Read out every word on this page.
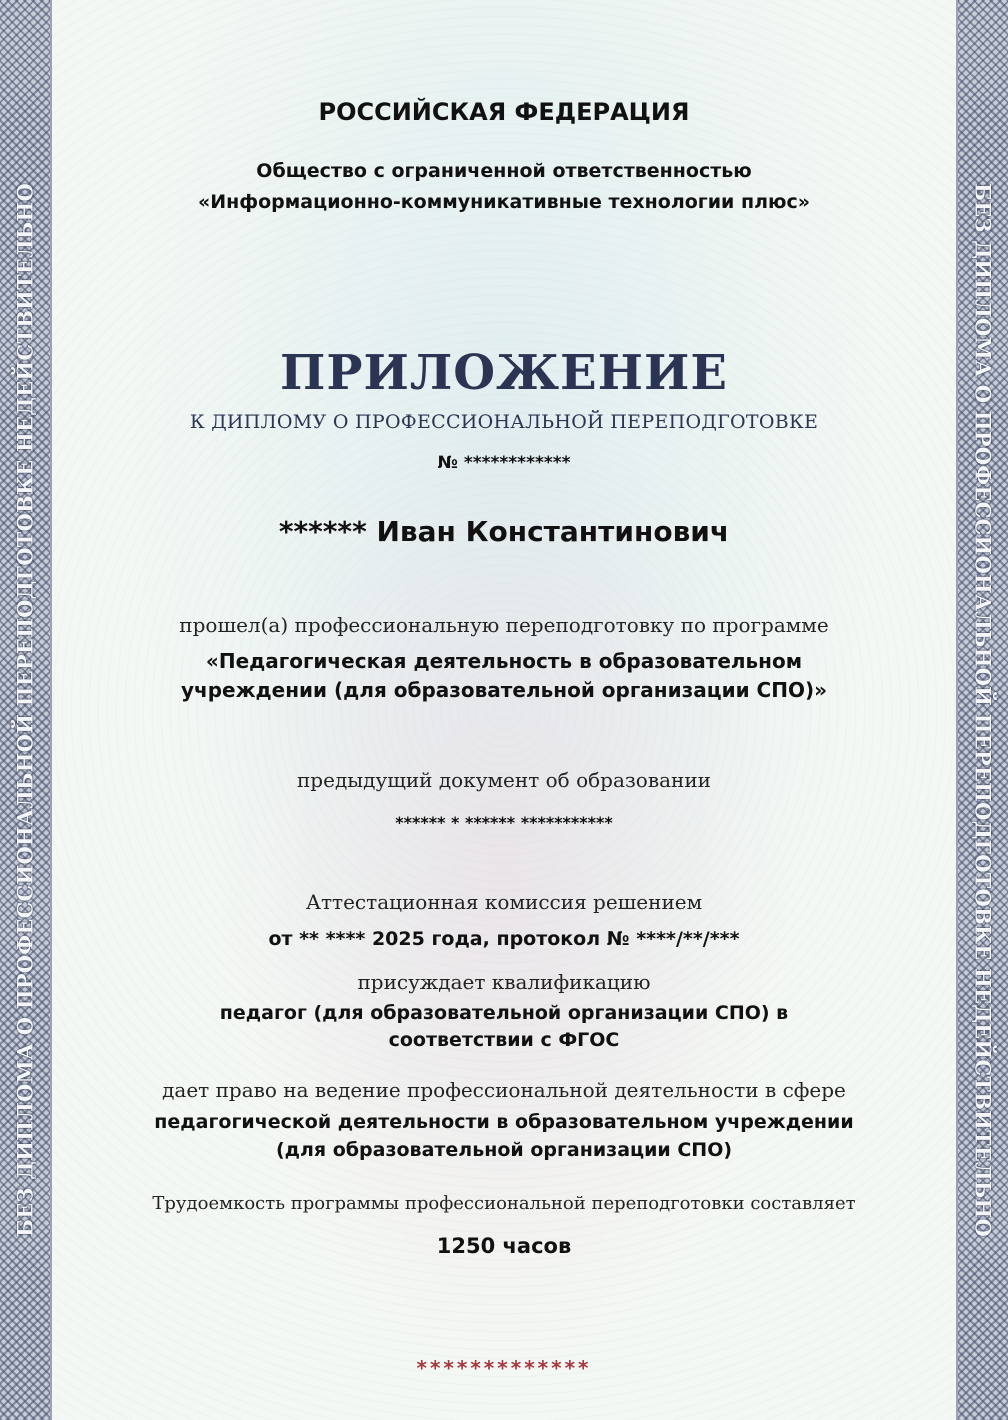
БЕЗ ДИПЛОМА О ПРОФЕССИОНАЛЬНОЙ ПЕРЕПОДГОТОВКЕ НЕДЕЙСТВИТЕЛЬНО	БЕЗ ДИПЛОМА О ПРОФЕССИОНАЛЬНОЙ ПЕРЕПОДГОТОВКЕ НЕДЕЙСТВИТЕЛЬНО
РОССИЙСКАЯ ФЕДЕРАЦИЯ
Общество с ограниченной ответственностью
«Информационно-коммуникативные технологии плюс»
ПРИЛОЖЕНИЕ
К ДИПЛОМУ О ПРОФЕССИОНАЛЬНОЙ ПЕРЕПОДГОТОВКЕ
№ ************
****** Иван Константинович
прошел(а) профессиональную переподготовку по программе
«Педагогическая деятельность в образовательном
учреждении (для образовательной организации СПО)»
предыдущий документ об образовании
****** * ****** ***********
Аттестационная комиссия решением
от ** **** 2025 года, протокол № ****/**/***
присуждает квалификацию
педагог (для образовательной организации СПО) в
соответствии с ФГОС
дает право на ведение профессиональной деятельности в сфере
педагогической деятельности в образовательном учреждении
(для образовательной организации СПО)
Трудоемкость программы профессиональной переподготовки составляет
1250 часов
*************
